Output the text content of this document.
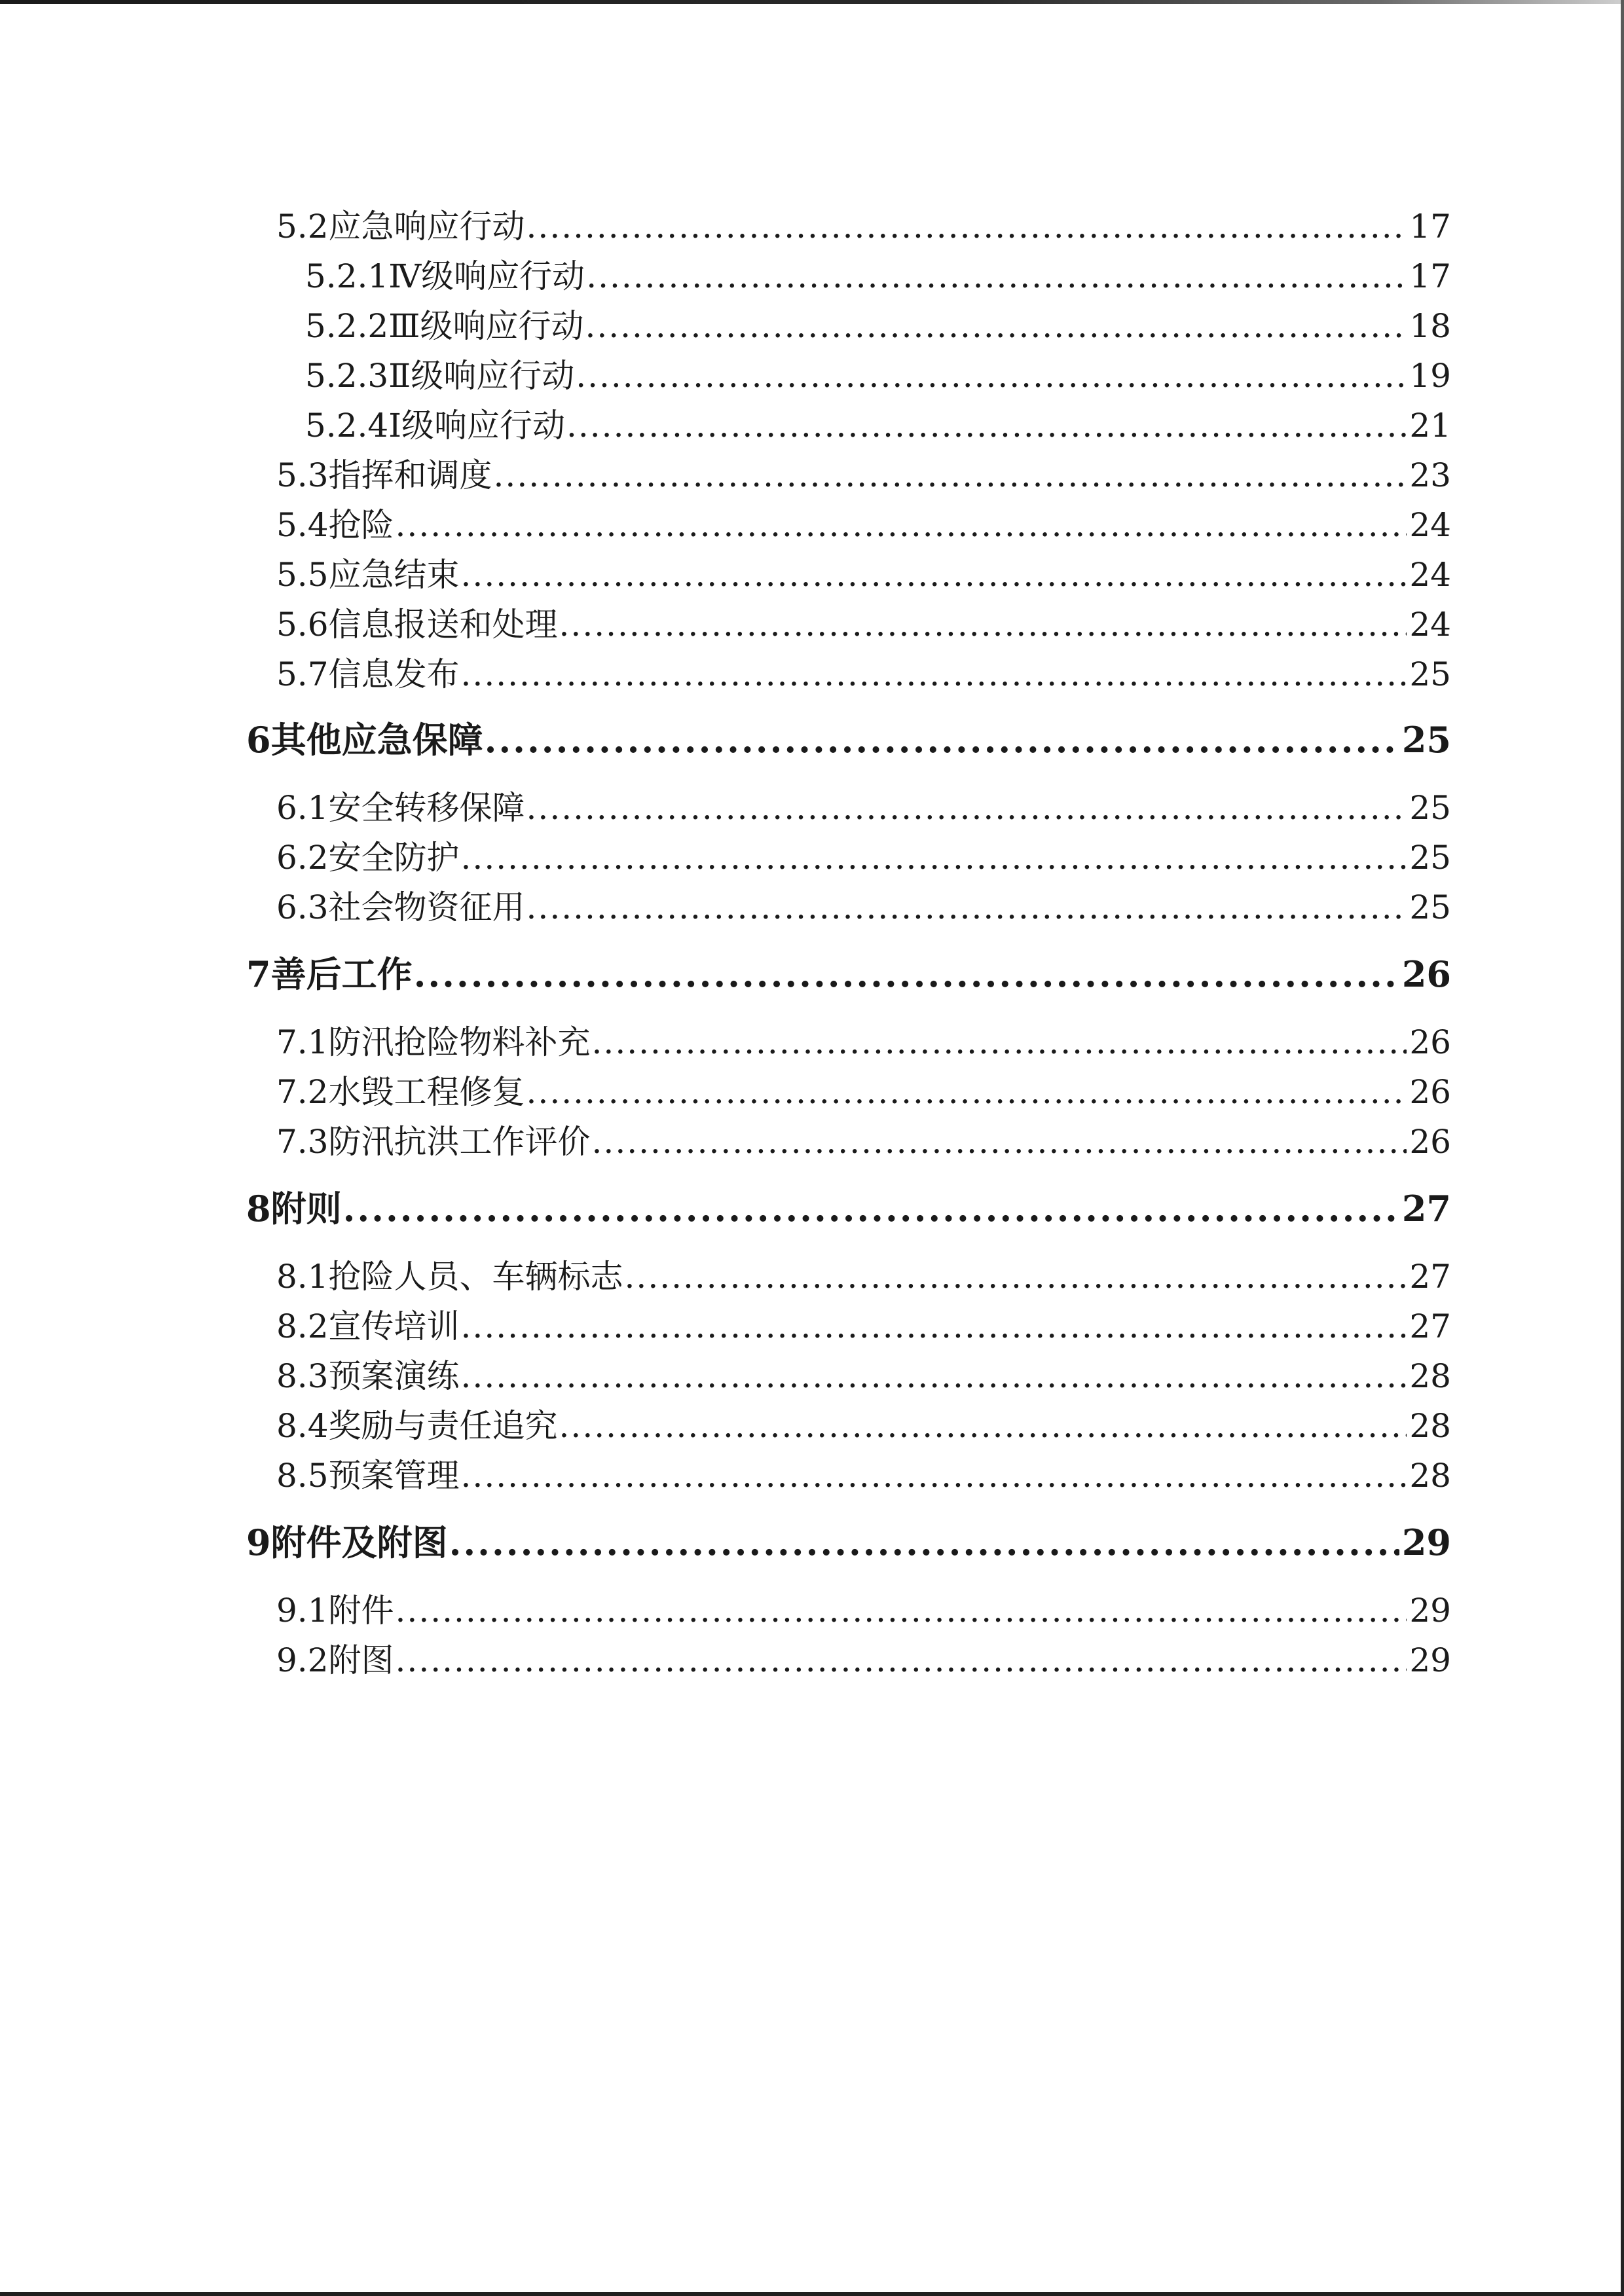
5.2 应急响应行动 .....	17
5.2.1 Ⅳ级响应行动 .....	17
5.2.2 Ⅲ级响应行动 .....	18
5.2.3 Ⅱ级响应行动 .....	19
5.2.4 Ⅰ级响应行动 .....	21
5.3 指挥和调度 .....	23
5.4 抢险 .....	24
5.5 应急结束 .....	24
5.6 信息报送和处理 .....	24
5.7 信息发布 .....	25
6 其他应急保障 .....	25
6.1 安全转移保障 .....	25
6.2 安全防护 .....	25
6.3 社会物资征用 .....	25
7 善后工作 .....	26
7.1 防汛抢险物料补充 .....	26
7.2 水毁工程修复 .....	26
7.3 防汛抗洪工作评价 .....	26
8 附则 .....	27
8.1 抢险人员、车辆标志 .....	27
8.2 宣传培训 .....	27
8.3 预案演练 .....	28
8.4 奖励与责任追究 .....	28
8.5 预案管理 .....	28
9 附件及附图 .....	29
9.1 附件 .....	29
9.2 附图 .....	29
